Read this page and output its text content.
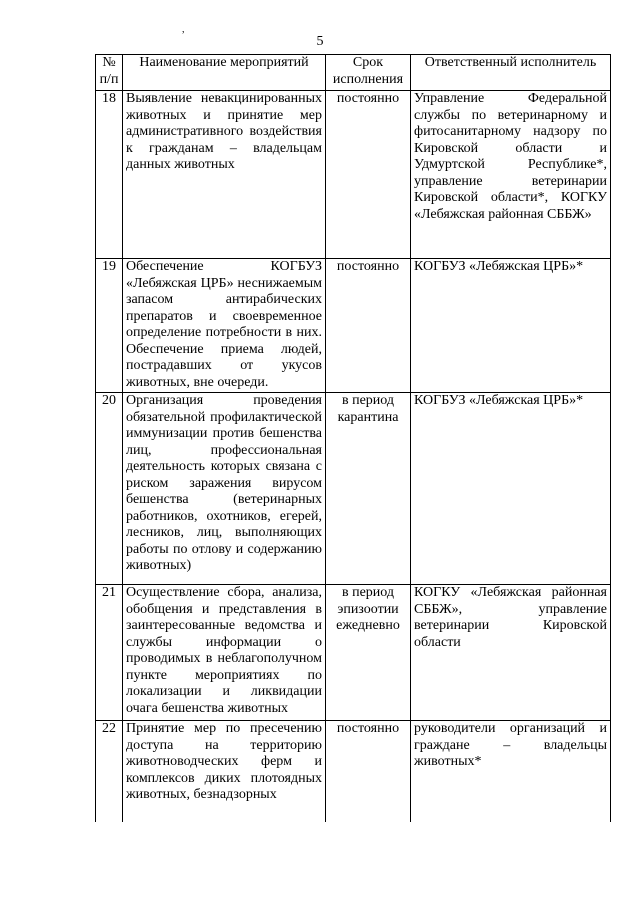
,
5
№ п/п	Наименование мероприятий	Срок исполнения	Ответственный исполнитель
18	Выявление невакцинированных животных и принятие мер административного воздействия к гражданам – владельцам данных животных	постоянно	Управление Федеральной службы по ветеринарному и фитосанитарному надзору по Кировской области и Удмуртской Республике*, управление ветеринарии Кировской области*, КОГКУ «Лебяжская районная СББЖ»
19	Обеспечение КОГБУЗ «Лебяжская ЦРБ» неснижаемым запасом антирабических препаратов и своевременное определение потребности в них. Обеспечение приема людей, пострадавших от укусов животных, вне очереди.	постоянно	КОГБУЗ «Лебяжская ЦРБ»*
20	Организация проведения обязательной профилактической иммунизации против бешенства лиц, профессиональная деятельность которых связана с риском заражения вирусом бешенства (ветеринарных работников, охотников, егерей, лесников, лиц, выполняющих работы по отлову и содержанию животных)	в период карантина	КОГБУЗ «Лебяжская ЦРБ»*
21	Осуществление сбора, анализа, обобщения и представления в заинтересованные ведомства и службы информации о проводимых в неблагополучном пункте мероприятиях по локализации и ликвидации очага бешенства животных	в период эпизоотии ежедневно	КОГКУ «Лебяжская районная СББЖ», управление ветеринарии Кировской области
22	Принятие мер по пресечению доступа на территорию животноводческих ферм и комплексов диких плотоядных животных, безнадзорных	постоянно	руководители организаций и граждане – владельцы животных*
